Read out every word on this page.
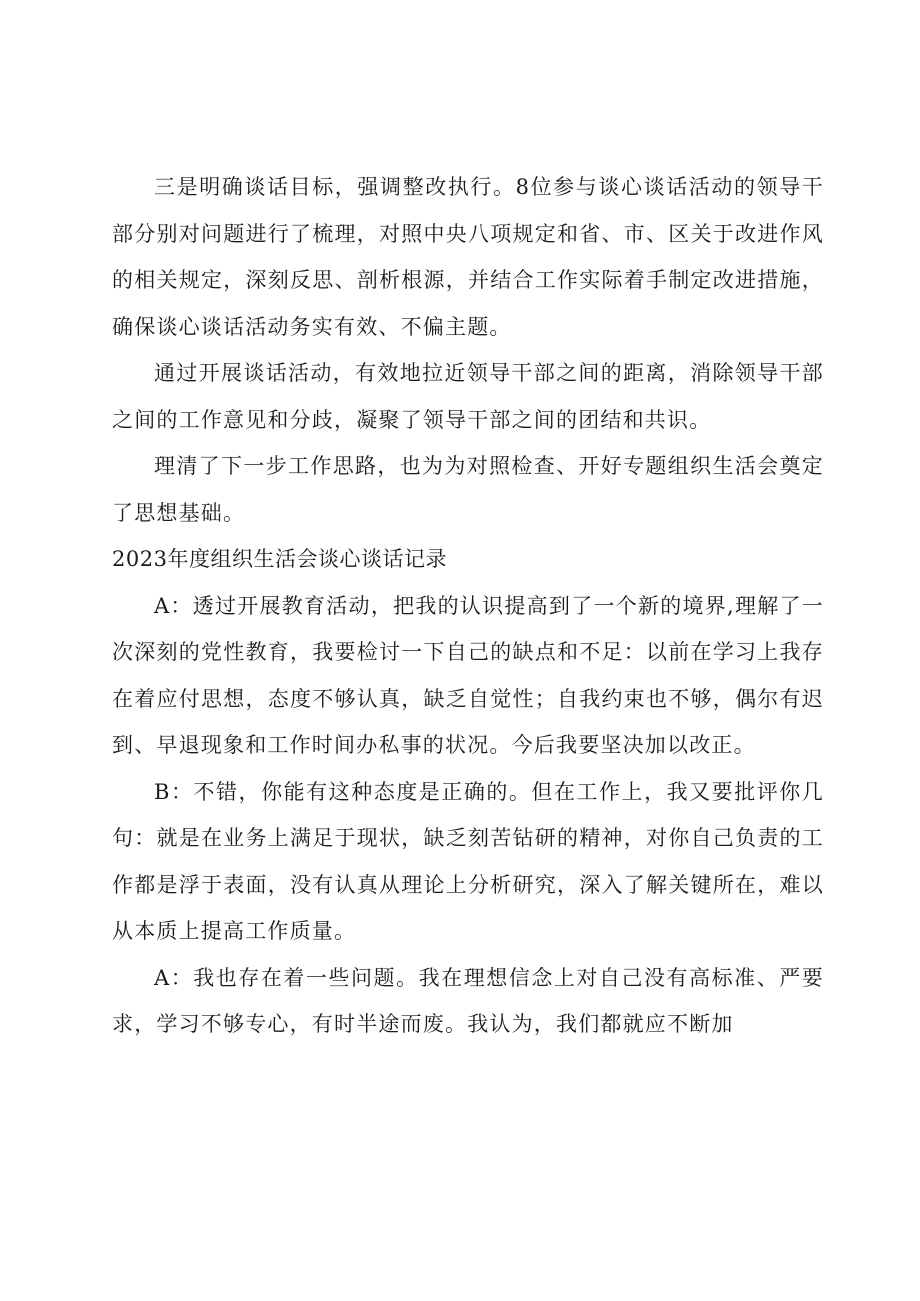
三是明确谈话目标，强调整改执行。8位参与谈心谈话活动的领导干部分别对问题进行了梳理，对照中央八项规定和省、市、区关于改进作风的相关规定，深刻反思、剖析根源，并结合工作实际着手制定改进措施，确保谈心谈话活动务实有效、不偏主题。

通过开展谈话活动，有效地拉近领导干部之间的距离，消除领导干部之间的工作意见和分歧，凝聚了领导干部之间的团结和共识。

理清了下一步工作思路，也为为对照检查、开好专题组织生活会奠定了思想基础。

2023年度组织生活会谈心谈话记录

A：透过开展教育活动，把我的认识提高到了一个新的境界,理解了一次深刻的党性教育，我要检讨一下自己的缺点和不足：以前在学习上我存在着应付思想，态度不够认真，缺乏自觉性；自我约束也不够，偶尔有迟到、早退现象和工作时间办私事的状况。今后我要坚决加以改正。

B：不错，你能有这种态度是正确的。但在工作上，我又要批评你几句：就是在业务上满足于现状，缺乏刻苦钻研的精神，对你自己负责的工作都是浮于表面，没有认真从理论上分析研究，深入了解关键所在，难以从本质上提高工作质量。

A：我也存在着一些问题。我在理想信念上对自己没有高标准、严要求，学习不够专心，有时半途而废。我认为，我们都就应不断加
